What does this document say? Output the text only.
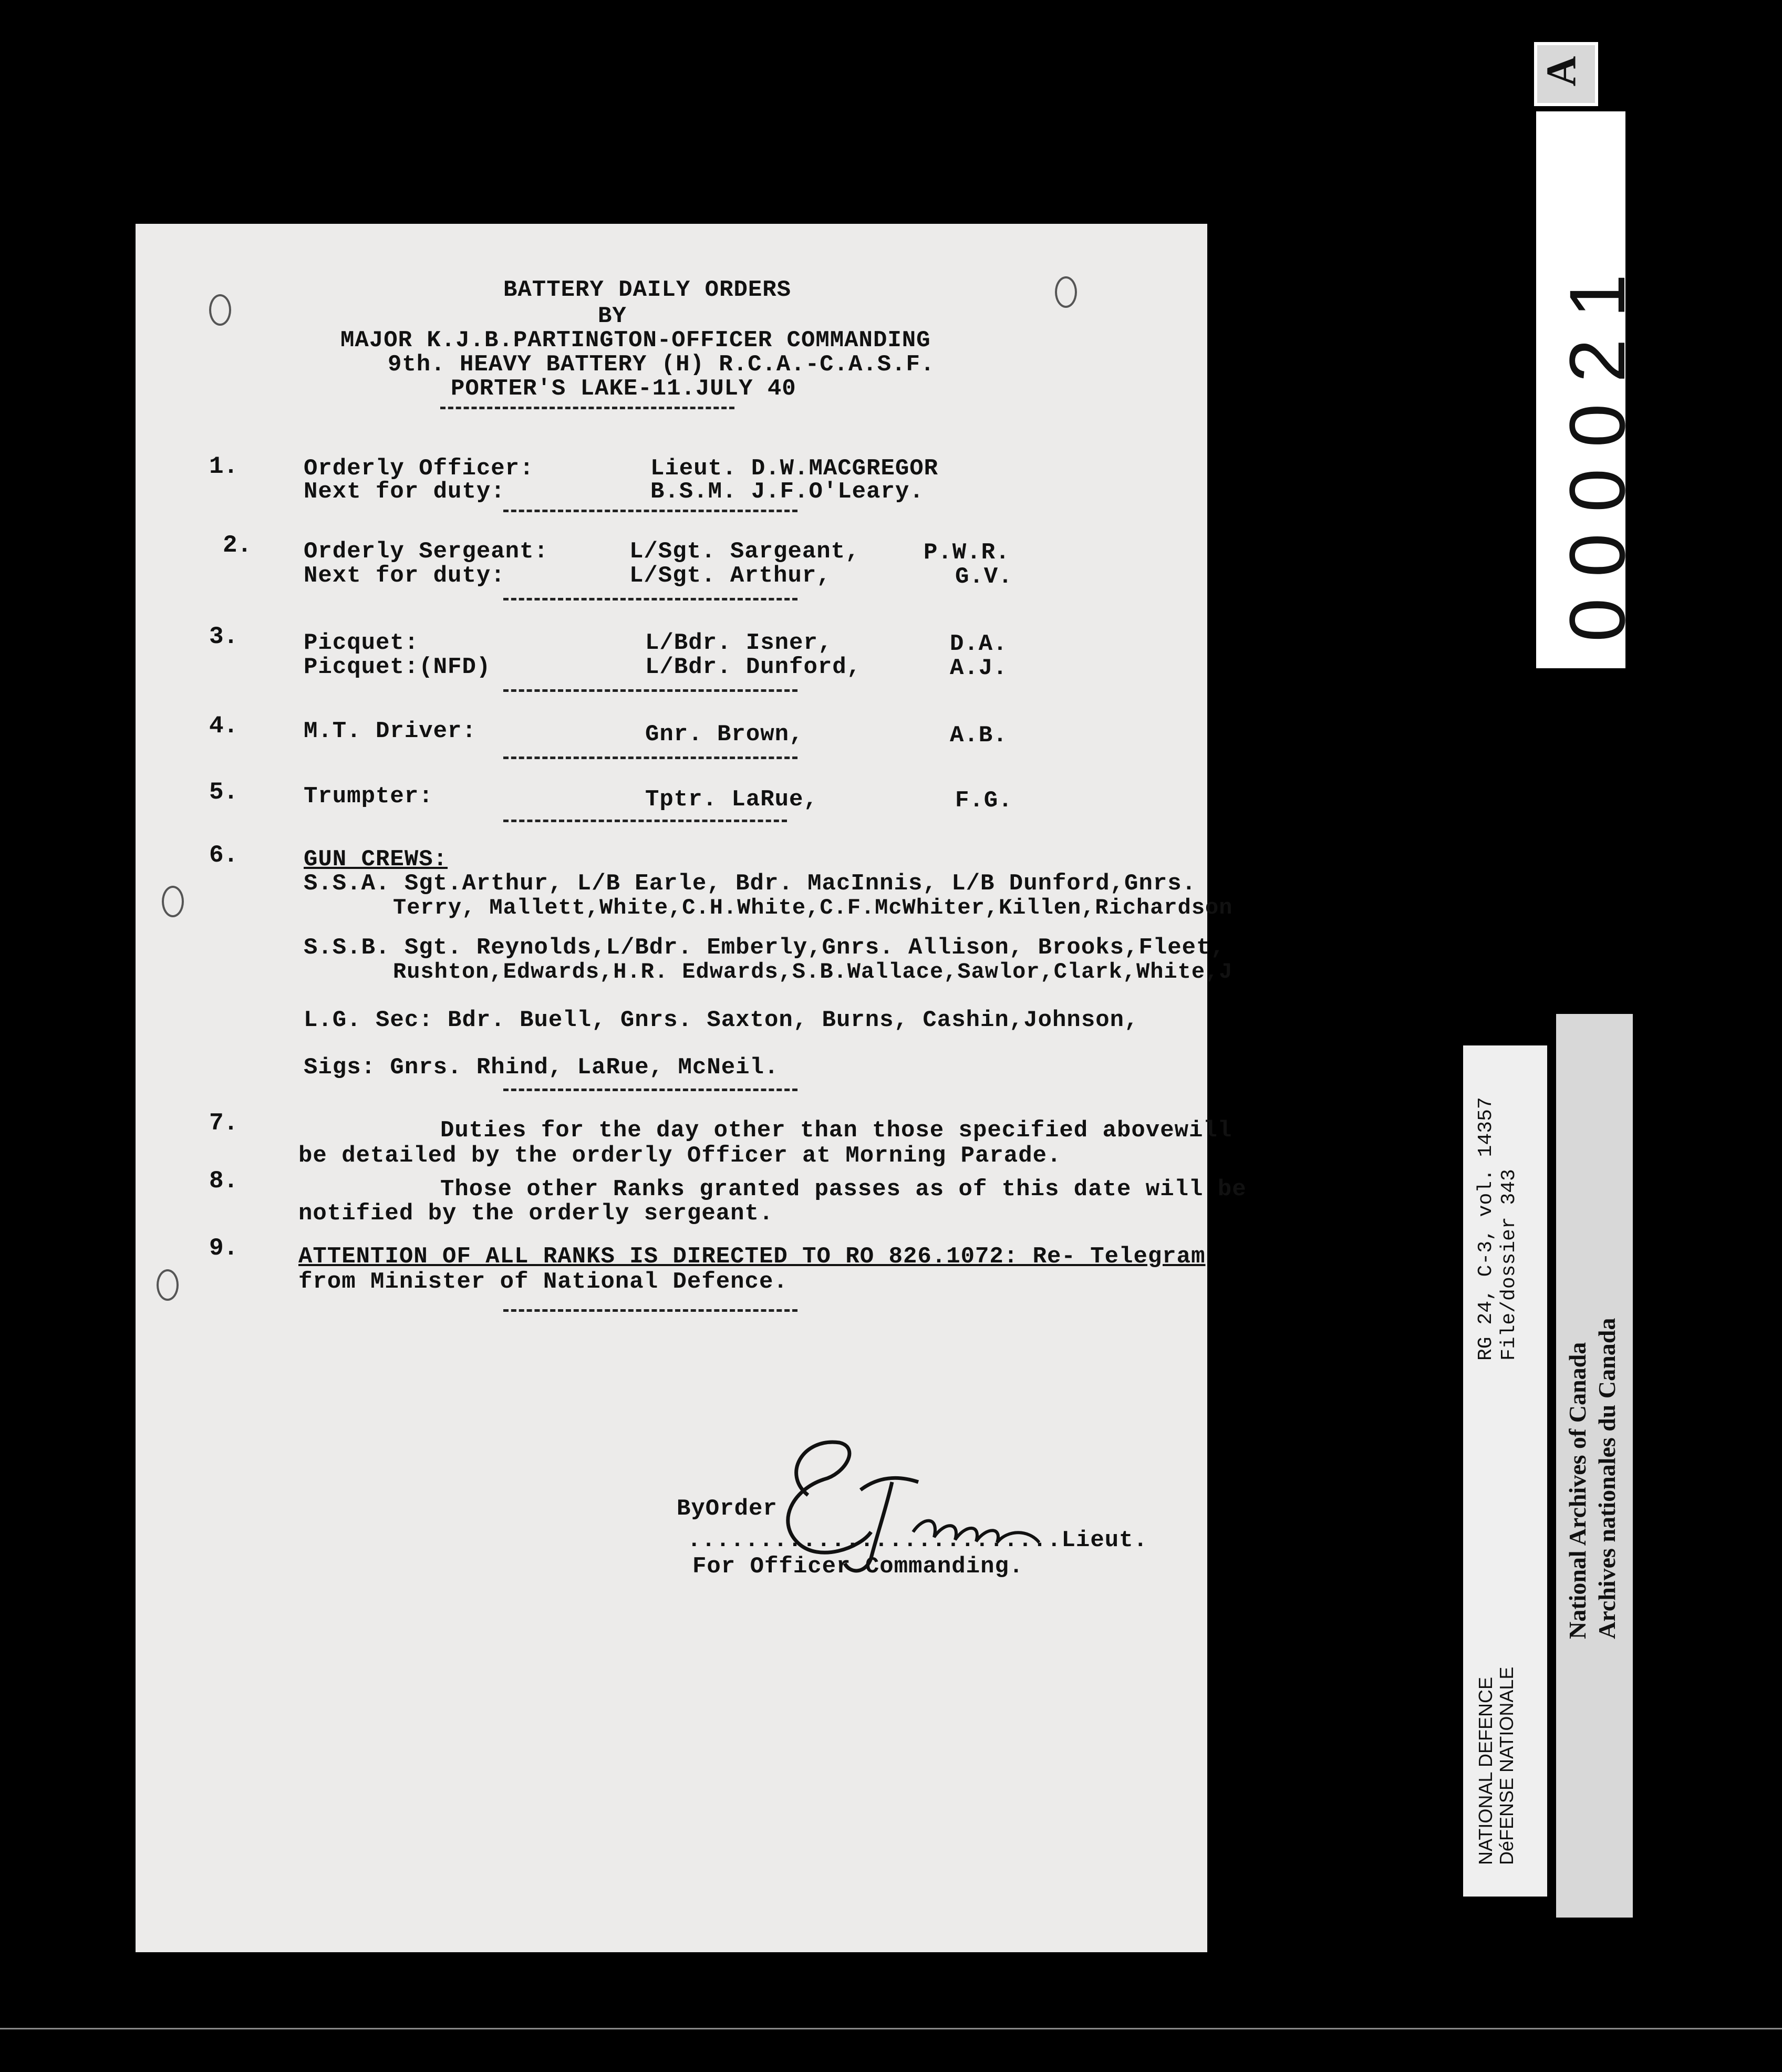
BATTERY DAILY ORDERS
BY
MAJOR K.J.B.PARTINGTON-OFFICER COMMANDING
9th. HEAVY BATTERY (H) R.C.A.-C.A.S.F.
PORTER'S LAKE-11.JULY 40
1.	Orderly Officer:	Lieut. D.W.MACGREGOR
Next for duty:	B.S.M. J.F.O'Leary.
2. Orderly Sergeant:	L/Sgt. Sargeant,	P.W.R.
Next for duty:	L/Sgt. Arthur,	G.V.
3.	Picquet:	L/Bdr. Isner,	D.A.
Picquet:(NFD)	L/Bdr. Dunford,	A.J.
4.	M.T. Driver:	Gnr. Brown,	A.B.
5.	Trumpter:	Tptr. LaRue,	F.G.
6.	GUN CREWS:
S.S.A. Sgt.Arthur, L/B Earle, Bdr. MacInnis, L/B Dunford,Gnrs.
Terry, Mallett,White,C.H.White,C.F.McWhiter,Killen,Richardson
S.S.B. Sgt. Reynolds,L/Bdr. Emberly,Gnrs. Allison, Brooks,Fleet,
Rushton,Edwards,H.R. Edwards,S.B.Wallace,Sawlor,Clark,White,J
L.G. Sec: Bdr. Buell, Gnrs. Saxton, Burns, Cashin,Johnson,
Sigs: Gnrs. Rhind, LaRue, McNeil.
7.	Duties for the day other than those specified abovewill
be detailed by the orderly Officer at Morning Parade.
8.	Those other Ranks granted passes as of this date will be
notified by the orderly sergeant.
9.	ATTENTION OF ALL RANKS IS DIRECTED TO RO 826.1072: Re- Telegram
from Minister of National Defence.
ByOrder
..........................Lieut.
For Officer Commanding.
A
000021
RG 24, C-3, vol. 14357 File/dossier 343
NATIONAL DEFENCE DéFENSE NATIONALE
National Archives of Canada Archives nationales du Canada
